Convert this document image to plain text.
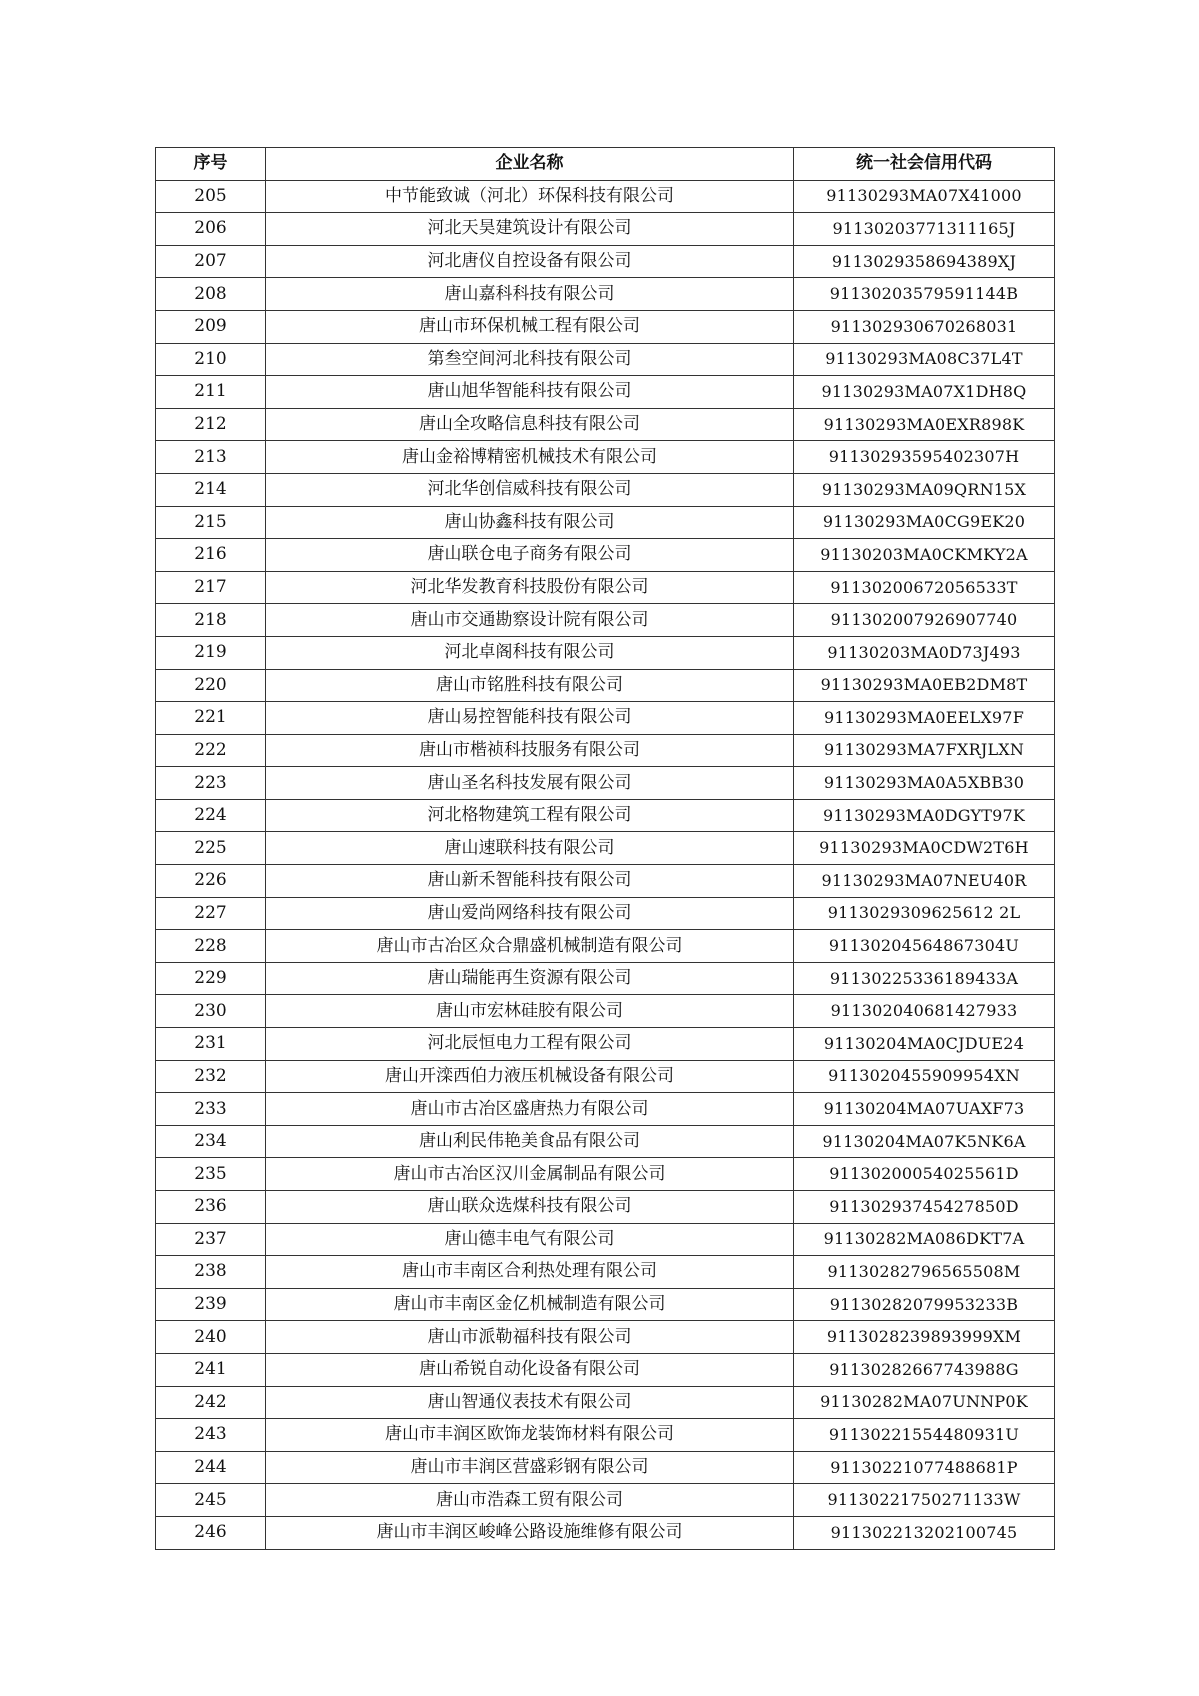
序号	企业名称	统一社会信用代码
205	中节能致诚（河北）环保科技有限公司	91130293MA07X41000
206	河北天昊建筑设计有限公司	91130203771311165J
207	河北唐仪自控设备有限公司	9113029358694389XJ
208	唐山嘉科科技有限公司	91130203579591144B
209	唐山市环保机械工程有限公司	911302930670268031
210	第叁空间河北科技有限公司	91130293MA08C37L4T
211	唐山旭华智能科技有限公司	91130293MA07X1DH8Q
212	唐山全攻略信息科技有限公司	91130293MA0EXR898K
213	唐山金裕博精密机械技术有限公司	91130293595402307H
214	河北华创信威科技有限公司	91130293MA09QRN15X
215	唐山协鑫科技有限公司	91130293MA0CG9EK20
216	唐山联仓电子商务有限公司	91130203MA0CKMKY2A
217	河北华发教育科技股份有限公司	91130200672056533T
218	唐山市交通勘察设计院有限公司	911302007926907740
219	河北卓阁科技有限公司	91130203MA0D73J493
220	唐山市铭胜科技有限公司	91130293MA0EB2DM8T
221	唐山易控智能科技有限公司	91130293MA0EELX97F
222	唐山市楷祯科技服务有限公司	91130293MA7FXRJLXN
223	唐山圣名科技发展有限公司	91130293MA0A5XBB30
224	河北格物建筑工程有限公司	91130293MA0DGYT97K
225	唐山速联科技有限公司	91130293MA0CDW2T6H
226	唐山新禾智能科技有限公司	91130293MA07NEU40R
227	唐山爱尚网络科技有限公司	9113029309625612 2L
228	唐山市古冶区众合鼎盛机械制造有限公司	91130204564867304U
229	唐山瑞能再生资源有限公司	91130225336189433A
230	唐山市宏林硅胶有限公司	911302040681427933
231	河北辰恒电力工程有限公司	91130204MA0CJDUE24
232	唐山开滦西伯力液压机械设备有限公司	9113020455909954XN
233	唐山市古冶区盛唐热力有限公司	91130204MA07UAXF73
234	唐山利民伟艳美食品有限公司	91130204MA07K5NK6A
235	唐山市古冶区汉川金属制品有限公司	91130200054025561D
236	唐山联众选煤科技有限公司	91130293745427850D
237	唐山德丰电气有限公司	91130282MA086DKT7A
238	唐山市丰南区合利热处理有限公司	91130282796565508M
239	唐山市丰南区金亿机械制造有限公司	91130282079953233B
240	唐山市派勒福科技有限公司	9113028239893999XM
241	唐山希锐自动化设备有限公司	91130282667743988G
242	唐山智通仪表技术有限公司	91130282MA07UNNP0K
243	唐山市丰润区欧饰龙装饰材料有限公司	91130221554480931U
244	唐山市丰润区营盛彩钢有限公司	91130221077488681P
245	唐山市浩森工贸有限公司	91130221750271133W
246	唐山市丰润区峻峰公路设施维修有限公司	911302213202100745
